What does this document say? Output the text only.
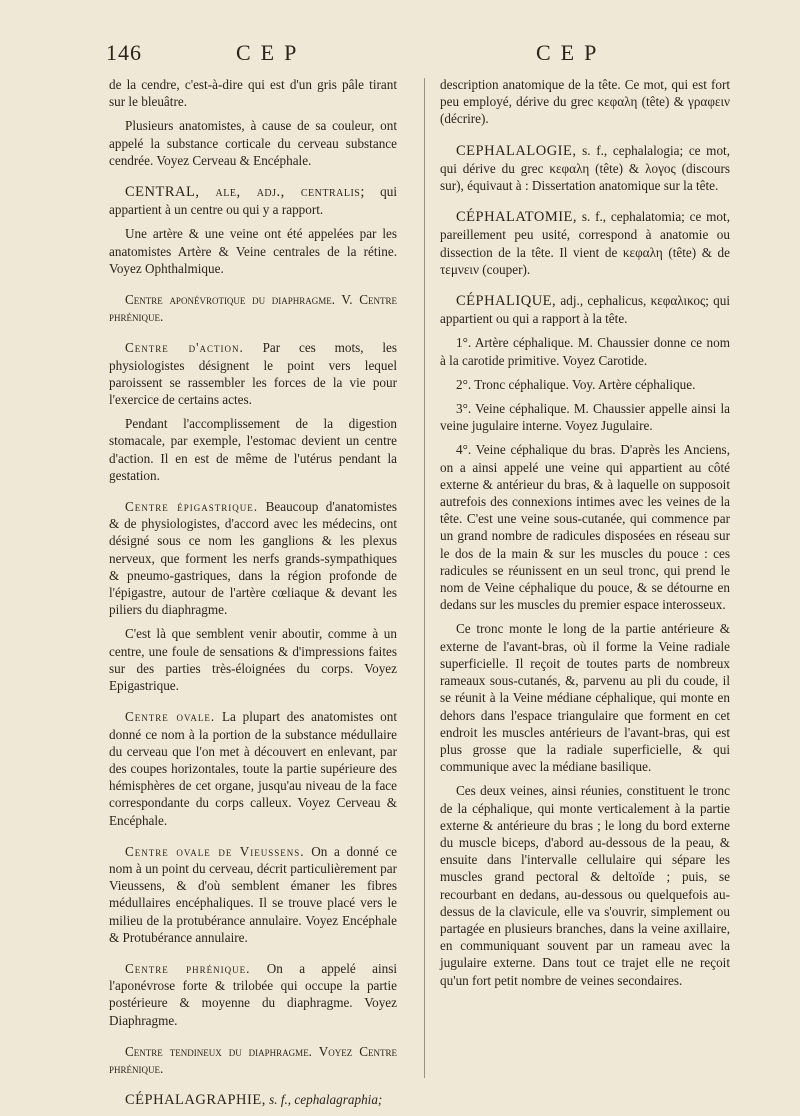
146	CEP	CEP

de la cendre, c'est-à-dire qui est d'un gris pâle tirant sur le bleuâtre.

Plusieurs anatomistes, à cause de sa couleur, ont appelé la substance corticale du cerveau substance cendrée. Voyez Cerveau & Encéphale.

CENTRAL, ale, adj., centralis; qui appartient à un centre ou qui y a rapport.

Une artère & une veine ont été appelées par les anatomistes Artère & Veine centrales de la rétine. Voyez Ophthalmique.

Centre aponévrotique du diaphragme. V. Centre phrénique.

Centre d'action. Par ces mots, les physiologistes désignent le point vers lequel paroissent se rassembler les forces de la vie pour l'exercice de certains actes.

Pendant l'accomplissement de la digestion stomacale, par exemple, l'estomac devient un centre d'action. Il en est de même de l'utérus pendant la gestation.

Centre épigastrique. Beaucoup d'anatomistes & de physiologistes, d'accord avec les médecins, ont désigné sous ce nom les ganglions & les plexus nerveux, que forment les nerfs grands-sympathiques & pneumo-gastriques, dans la région profonde de l'épigastre, autour de l'artère cœliaque & devant les piliers du diaphragme.

C'est là que semblent venir aboutir, comme à un centre, une foule de sensations & d'impressions faites sur des parties très-éloignées du corps. Voyez Epigastrique.

Centre ovale. La plupart des anatomistes ont donné ce nom à la portion de la substance médullaire du cerveau que l'on met à découvert en enlevant, par des coupes horizontales, toute la partie supérieure des hémisphères de cet organe, jusqu'au niveau de la face correspondante du corps calleux. Voyez Cerveau & Encéphale.

Centre ovale de Vieussens. On a donné ce nom à un point du cerveau, décrit particulièrement par Vieussens, & d'où semblent émaner les fibres médullaires encéphaliques. Il se trouve placé vers le milieu de la protubérance annulaire. Voyez Encéphale & Protubérance annulaire.

Centre phrénique. On a appelé ainsi l'aponévrose forte & trilobée qui occupe la partie postérieure & moyenne du diaphragme. Voyez Diaphragme.

Centre tendineux du diaphragme. Voyez Centre phrénique.

CÉPHALAGRAPHIE, s. f., cephalagraphia;

description anatomique de la tête. Ce mot, qui est fort peu employé, dérive du grec κεφαλη (tête) & γραφειν (décrire).

CEPHALALOGIE, s. f., cephalalogia; ce mot, qui dérive du grec κεφαλη (tête) & λογος (discours sur), équivaut à : Dissertation anatomique sur la tête.

CÉPHALATOMIE, s. f., cephalatomia; ce mot, pareillement peu usité, correspond à anatomie ou dissection de la tête. Il vient de κεφαλη (tête) & de τεμνειν (couper).

CÉPHALIQUE, adj., cephalicus, κεφαλικος; qui appartient ou qui a rapport à la tête.

1°. Artère céphalique. M. Chaussier donne ce nom à la carotide primitive. Voyez Carotide.

2°. Tronc céphalique. Voy. Artère céphalique.

3°. Veine céphalique. M. Chaussier appelle ainsi la veine jugulaire interne. Voyez Jugulaire.

4°. Veine céphalique du bras. D'après les Anciens, on a ainsi appelé une veine qui appartient au côté externe & antérieur du bras, & à laquelle on supposoit autrefois des connexions intimes avec les veines de la tête. C'est une veine sous-cutanée, qui commence par un grand nombre de radicules disposées en réseau sur le dos de la main & sur les muscles du pouce : ces radicules se réunissent en un seul tronc, qui prend le nom de Veine céphalique du pouce, & se détourne en dedans sur les muscles du premier espace interosseux.

Ce tronc monte le long de la partie antérieure & externe de l'avant-bras, où il forme la Veine radiale superficielle. Il reçoit de toutes parts de nombreux rameaux sous-cutanés, &, parvenu au pli du coude, il se réunit à la Veine médiane céphalique, qui monte en dehors dans l'espace triangulaire que forment en cet endroit les muscles antérieurs de l'avant-bras, qui est plus grosse que la radiale superficielle, & qui communique avec la médiane basilique.

Ces deux veines, ainsi réunies, constituent le tronc de la céphalique, qui monte verticalement à la partie externe & antérieure du bras ; le long du bord externe du muscle biceps, d'abord au-dessous de la peau, & ensuite dans l'intervalle cellulaire qui sépare les muscles grand pectoral & deltoïde ; puis, se recourbant en dedans, au-dessous ou quelquefois au-dessus de la clavicule, elle va s'ouvrir, simplement ou partagée en plusieurs branches, dans la veine axillaire, en communiquant souvent par un rameau avec la jugulaire externe. Dans tout ce trajet elle ne reçoit qu'un fort petit nombre de veines secondaires.
